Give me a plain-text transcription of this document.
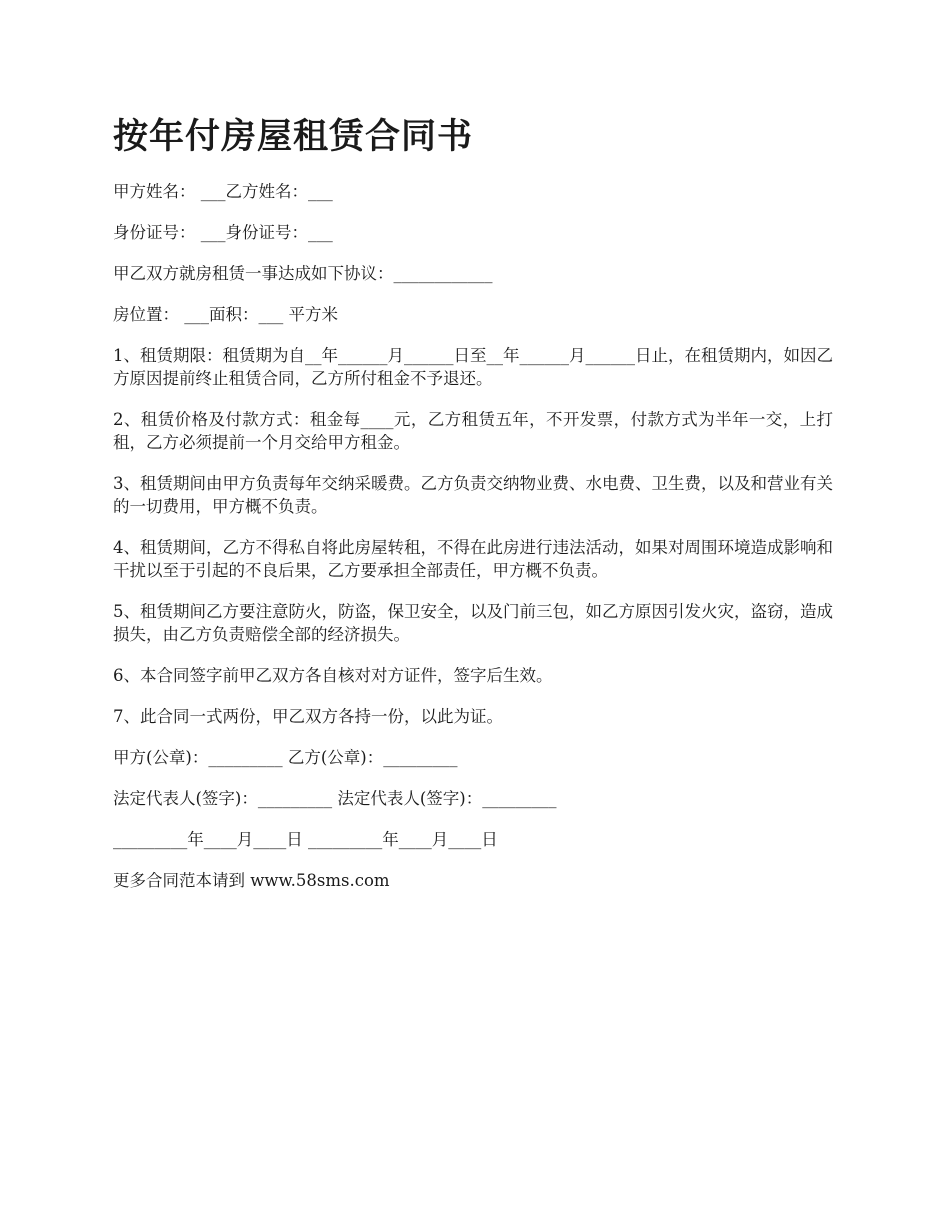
按年付房屋租赁合同书

甲方姓名： ___乙方姓名：___

身份证号： ___身份证号：___

甲乙双方就房租赁一事达成如下协议：____________

房位置： ___面积：___ 平方米

1、租赁期限：租赁期为自__年______月______日至__年______月______日止，在租赁期内，如因乙方原因提前终止租赁合同，乙方所付租金不予退还。

2、租赁价格及付款方式：租金每____元，乙方租赁五年，不开发票，付款方式为半年一交，上打租，乙方必须提前一个月交给甲方租金。

3、租赁期间由甲方负责每年交纳采暖费。乙方负责交纳物业费、水电费、卫生费，以及和营业有关的一切费用，甲方概不负责。

4、租赁期间，乙方不得私自将此房屋转租，不得在此房进行违法活动，如果对周围环境造成影响和干扰以至于引起的不良后果，乙方要承担全部责任，甲方概不负责。

5、租赁期间乙方要注意防火，防盗，保卫安全，以及门前三包，如乙方原因引发火灾，盗窃，造成损失，由乙方负责赔偿全部的经济损失。

6、本合同签字前甲乙双方各自核对对方证件，签字后生效。

7、此合同一式两份，甲乙双方各持一份，以此为证。

甲方(公章)：_________ 乙方(公章)：_________

法定代表人(签字)：_________ 法定代表人(签字)：_________

_________年____月____日 _________年____月____日

更多合同范本请到 www.58sms.com
